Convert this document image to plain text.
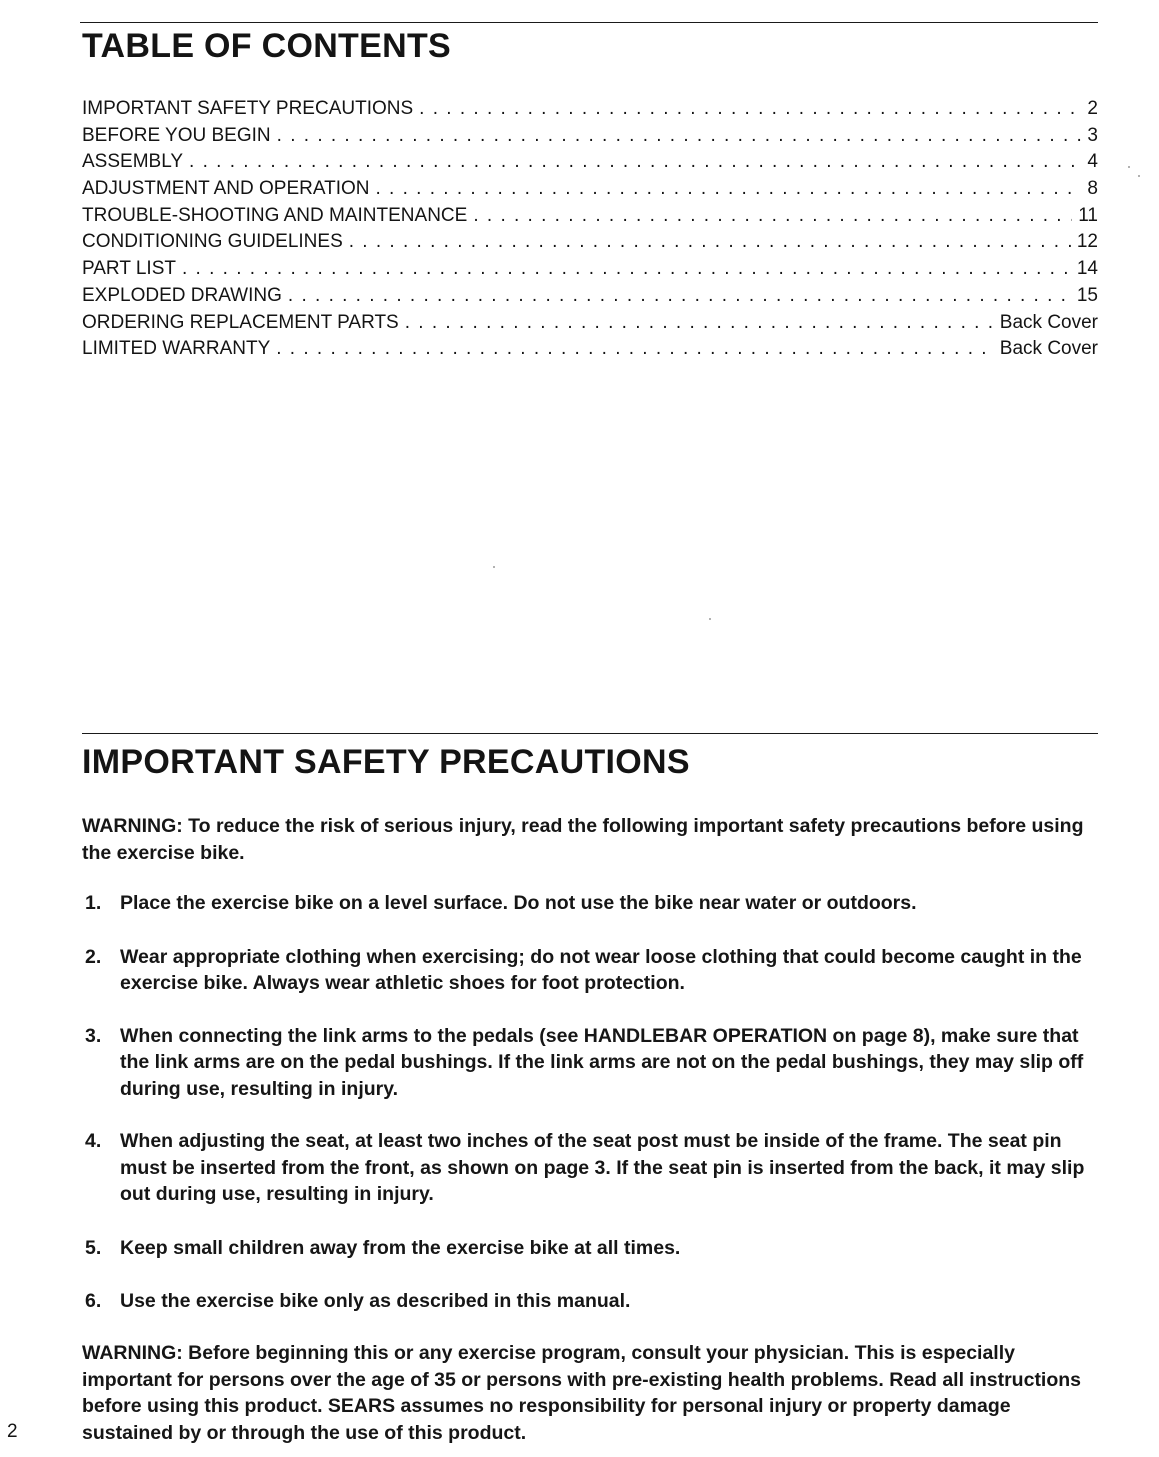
TABLE OF CONTENTS
IMPORTANT SAFETY PRECAUTIONS . . .	2
BEFORE YOU BEGIN . . .	3
ASSEMBLY . . .	4
ADJUSTMENT AND OPERATION . . .	8
TROUBLE-SHOOTING AND MAINTENANCE . . .	11
CONDITIONING GUIDELINES . . .	12
PART LIST . . .	14
EXPLODED DRAWING . . .	15
ORDERING REPLACEMENT PARTS . . .	Back Cover
LIMITED WARRANTY . . .	Back Cover
IMPORTANT SAFETY PRECAUTIONS

WARNING: To reduce the risk of serious injury, read the following important safety precautions before using the exercise bike.

1. Place the exercise bike on a level surface. Do not use the bike near water or outdoors.
2. Wear appropriate clothing when exercising; do not wear loose clothing that could become caught in the exercise bike. Always wear athletic shoes for foot protection.
3. When connecting the link arms to the pedals (see HANDLEBAR OPERATION on page 8), make sure that the link arms are on the pedal bushings. If the link arms are not on the pedal bushings, they may slip off during use, resulting in injury.
4. When adjusting the seat, at least two inches of the seat post must be inside of the frame. The seat pin must be inserted from the front, as shown on page 3. If the seat pin is inserted from the back, it may slip out during use, resulting in injury.
5. Keep small children away from the exercise bike at all times.
6. Use the exercise bike only as described in this manual.

WARNING: Before beginning this or any exercise program, consult your physician. This is especially important for persons over the age of 35 or persons with pre-existing health problems. Read all instructions before using this product. SEARS assumes no responsibility for personal injury or property damage sustained by or through the use of this product.

2
